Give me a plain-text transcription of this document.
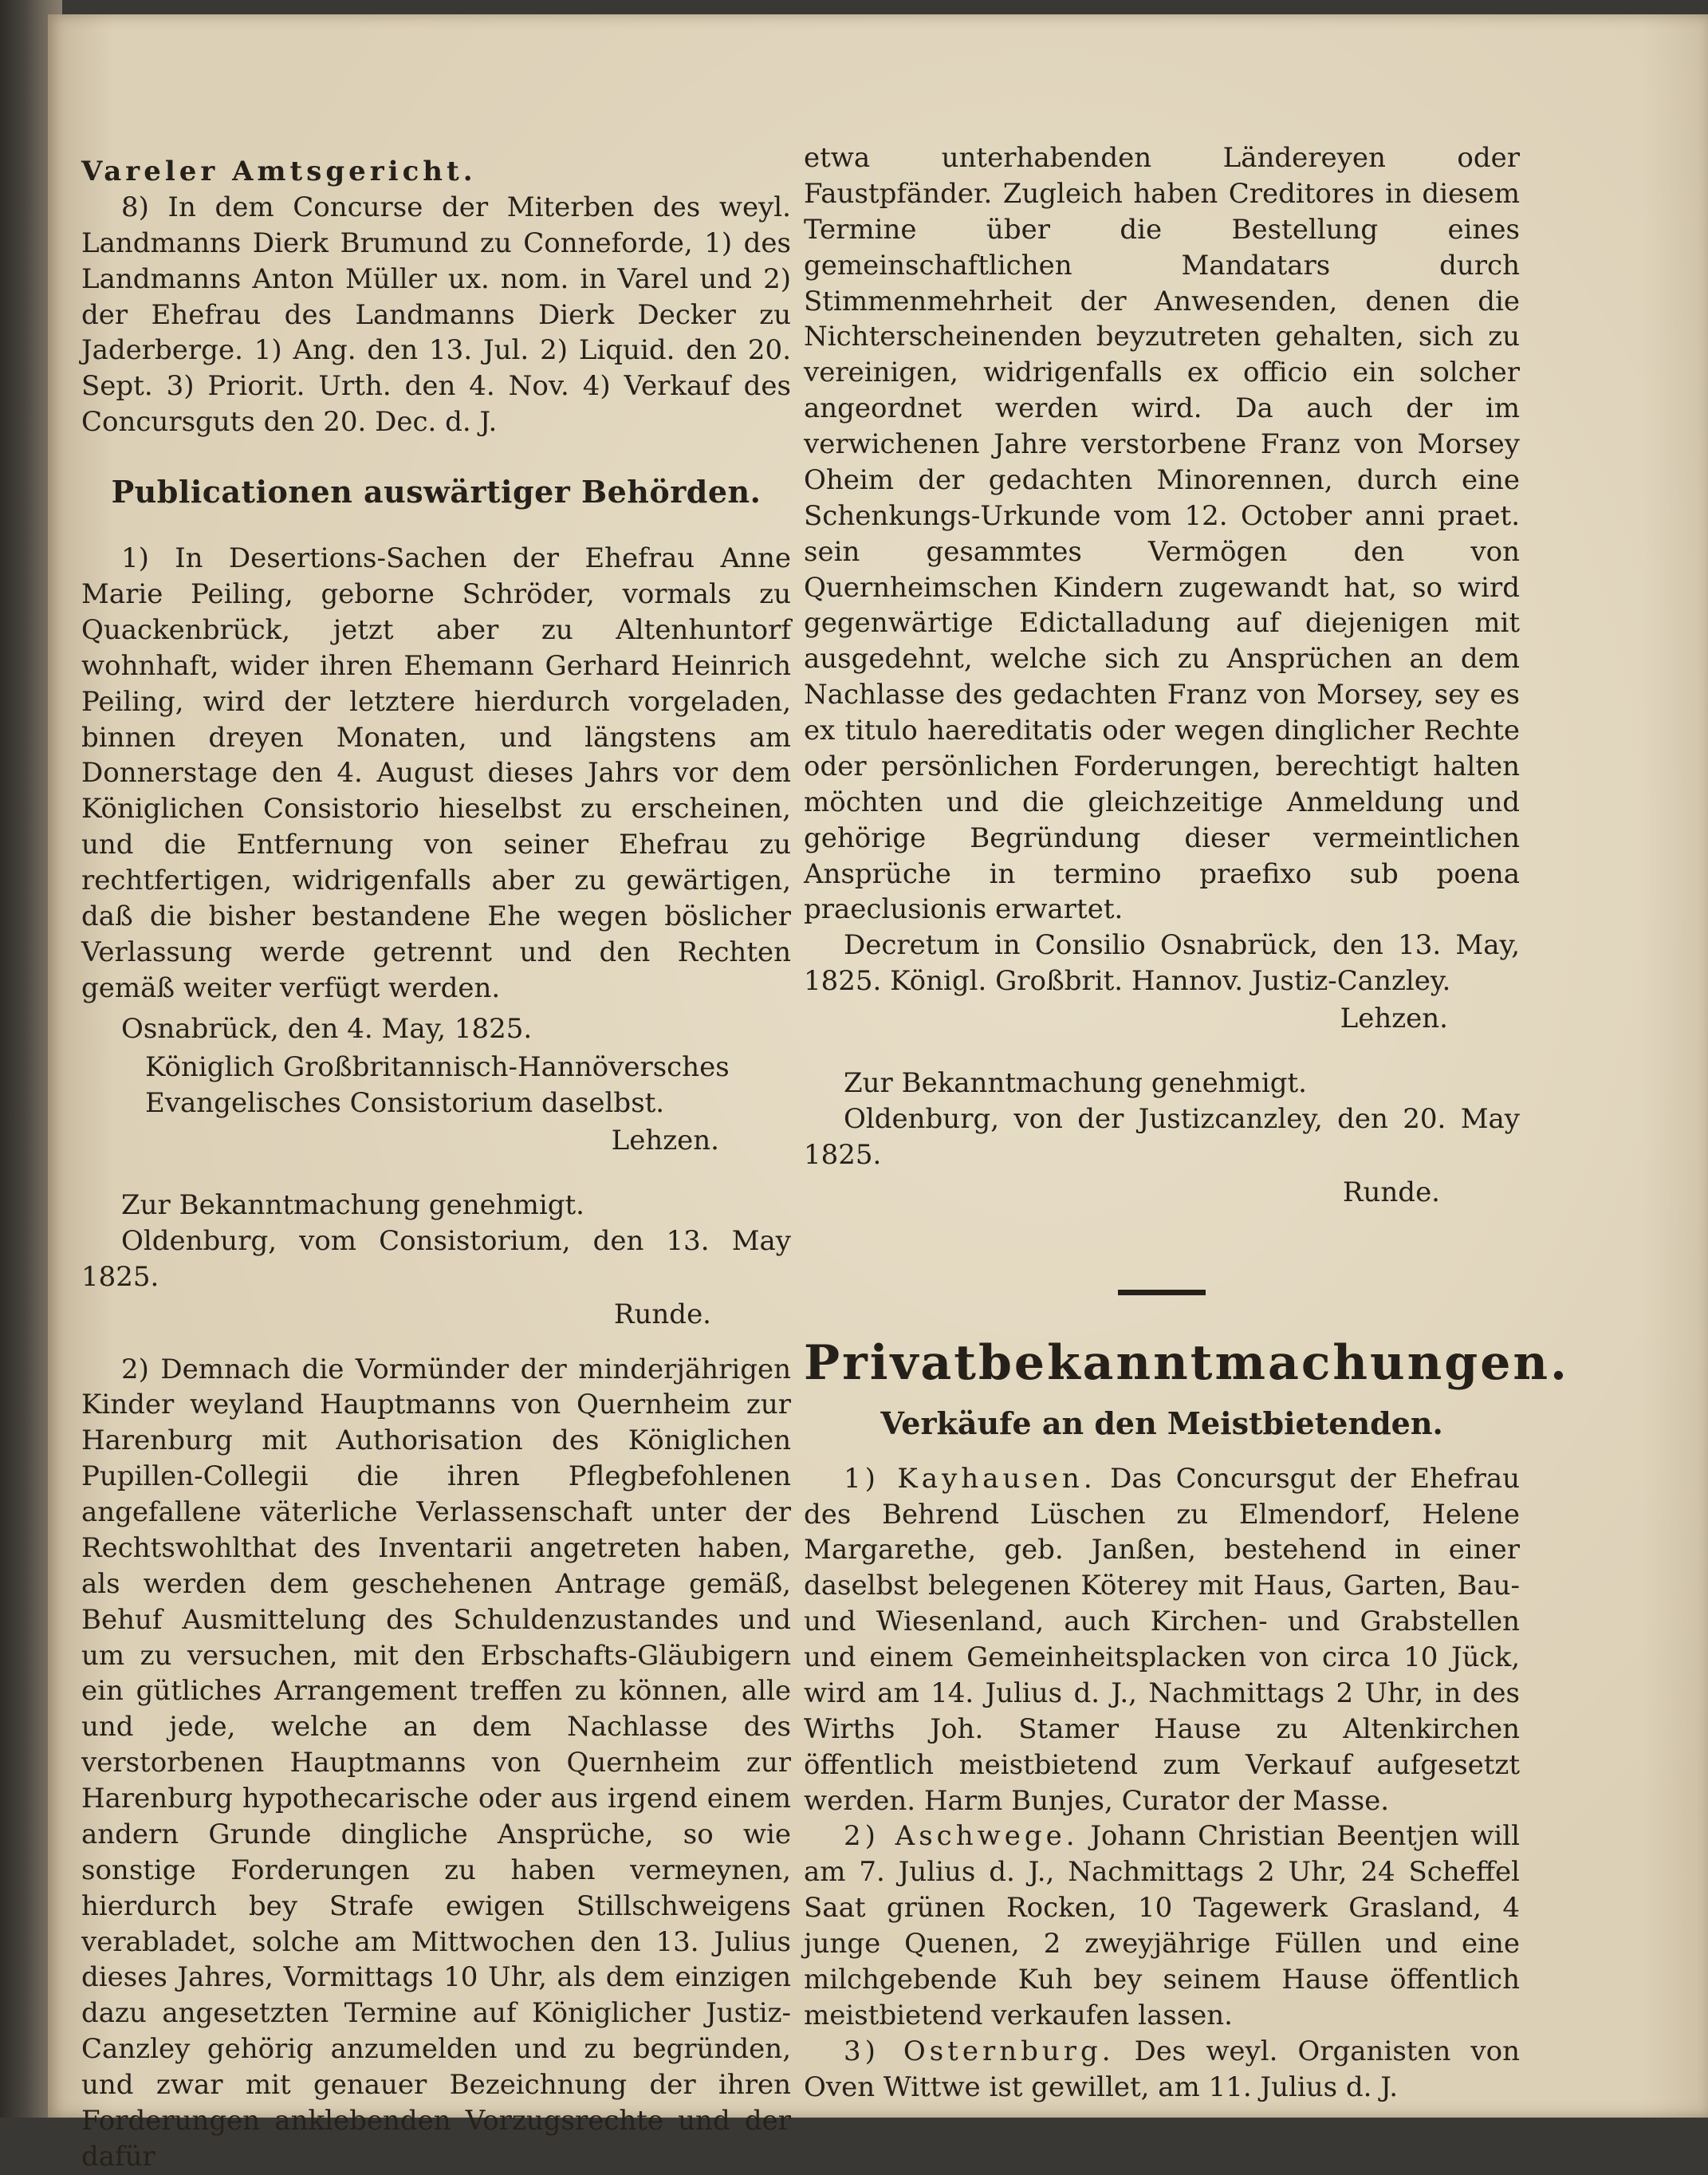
Vareler Amtsgericht.

8) In dem Concurse der Miterben des weyl. Landmanns Dierk Brumund zu Conneforde, 1) des Landmanns Anton Müller ux. nom. in Varel und 2) der Ehefrau des Landmanns Dierk Decker zu Jaderberge. 1) Ang. den 13. Jul. 2) Liquid. den 20. Sept. 3) Priorit. Urth. den 4. Nov. 4) Verkauf des Concursguts den 20. Dec. d. J.

Publicationen auswärtiger Behörden.

1) In Desertions-Sachen der Ehefrau Anne Marie Peiling, geborne Schröder, vormals zu Quackenbrück, jetzt aber zu Altenhuntorf wohnhaft, wider ihren Ehemann Gerhard Heinrich Peiling, wird der letztere hierdurch vorgeladen, binnen dreyen Monaten, und längstens am Donnerstage den 4. August dieses Jahrs vor dem Königlichen Consistorio hieselbst zu erscheinen, und die Entfernung von seiner Ehefrau zu rechtfertigen, widrigenfalls aber zu gewärtigen, daß die bisher bestandene Ehe wegen böslicher Verlassung werde getrennt und den Rechten gemäß weiter verfügt werden.

Osnabrück, den 4. May, 1825.
Königlich Großbritannisch-Hannöversches Evangelisches Consistorium daselbst.
Lehzen.
Zur Bekanntmachung genehmigt.

Oldenburg, vom Consistorium, den 13. May 1825.

Runde.

2) Demnach die Vormünder der minderjährigen Kinder weyland Hauptmanns von Quernheim zur Harenburg mit Authorisation des Königlichen Pupillen-Collegii die ihren Pflegbefohlenen angefallene väterliche Verlassenschaft unter der Rechtswohlthat des Inventarii angetreten haben, als werden dem geschehenen Antrage gemäß, Behuf Ausmittelung des Schuldenzustandes und um zu versuchen, mit den Erbschafts-Gläubigern ein gütliches Arrangement treffen zu können, alle und jede, welche an dem Nachlasse des verstorbenen Hauptmanns von Quernheim zur Harenburg hypothecarische oder aus irgend einem andern Grunde dingliche Ansprüche, so wie sonstige Forderungen zu haben vermeynen, hierdurch bey Strafe ewigen Stillschweigens verabladet, solche am Mittwochen den 13. Julius dieses Jahres, Vormittags 10 Uhr, als dem einzigen dazu angesetzten Termine auf Königlicher Justiz-Canzley gehörig anzumelden und zu begründen, und zwar mit genauer Bezeichnung der ihren Forderungen anklebenden Vorzugsrechte und der dafür

etwa unterhabenden Ländereyen oder Faustpfänder. Zugleich haben Creditores in diesem Termine über die Bestellung eines gemeinschaftlichen Mandatars durch Stimmenmehrheit der Anwesenden, denen die Nichterscheinenden beyzutreten gehalten, sich zu vereinigen, widrigenfalls ex officio ein solcher angeordnet werden wird. Da auch der im verwichenen Jahre verstorbene Franz von Morsey Oheim der gedachten Minorennen, durch eine Schenkungs-Urkunde vom 12. October anni praet. sein gesammtes Vermögen den von Quernheimschen Kindern zugewandt hat, so wird gegenwärtige Edictalladung auf diejenigen mit ausgedehnt, welche sich zu Ansprüchen an dem Nachlasse des gedachten Franz von Morsey, sey es ex titulo haereditatis oder wegen dinglicher Rechte oder persönlichen Forderungen, berechtigt halten möchten und die gleichzeitige Anmeldung und gehörige Begründung dieser vermeintlichen Ansprüche in termino praefixo sub poena praeclusionis erwartet.

Decretum in Consilio Osnabrück, den 13. May, 1825. Königl. Großbrit. Hannov. Justiz-Canzley.

Lehzen.
Zur Bekanntmachung genehmigt.

Oldenburg, von der Justizcanzley, den 20. May 1825.

Runde.
Privatbekanntmachungen.
Verkäufe an den Meistbietenden.

1) Kayhausen. Das Concursgut der Ehefrau des Behrend Lüschen zu Elmendorf, Helene Margarethe, geb. Janßen, bestehend in einer daselbst belegenen Köterey mit Haus, Garten, Bau- und Wiesenland, auch Kirchen- und Grabstellen und einem Gemeinheitsplacken von circa 10 Jück, wird am 14. Julius d. J., Nachmittags 2 Uhr, in des Wirths Joh. Stamer Hause zu Altenkirchen öffentlich meistbietend zum Verkauf aufgesetzt werden. Harm Bunjes, Curator der Masse.

2) Aschwege. Johann Christian Beentjen will am 7. Julius d. J., Nachmittags 2 Uhr, 24 Scheffel Saat grünen Rocken, 10 Tagewerk Grasland, 4 junge Quenen, 2 zweyjährige Füllen und eine milchgebende Kuh bey seinem Hause öffentlich meistbietend verkaufen lassen.

3) Osternburg. Des weyl. Organisten von Oven Wittwe ist gewillet, am 11. Julius d. J.
